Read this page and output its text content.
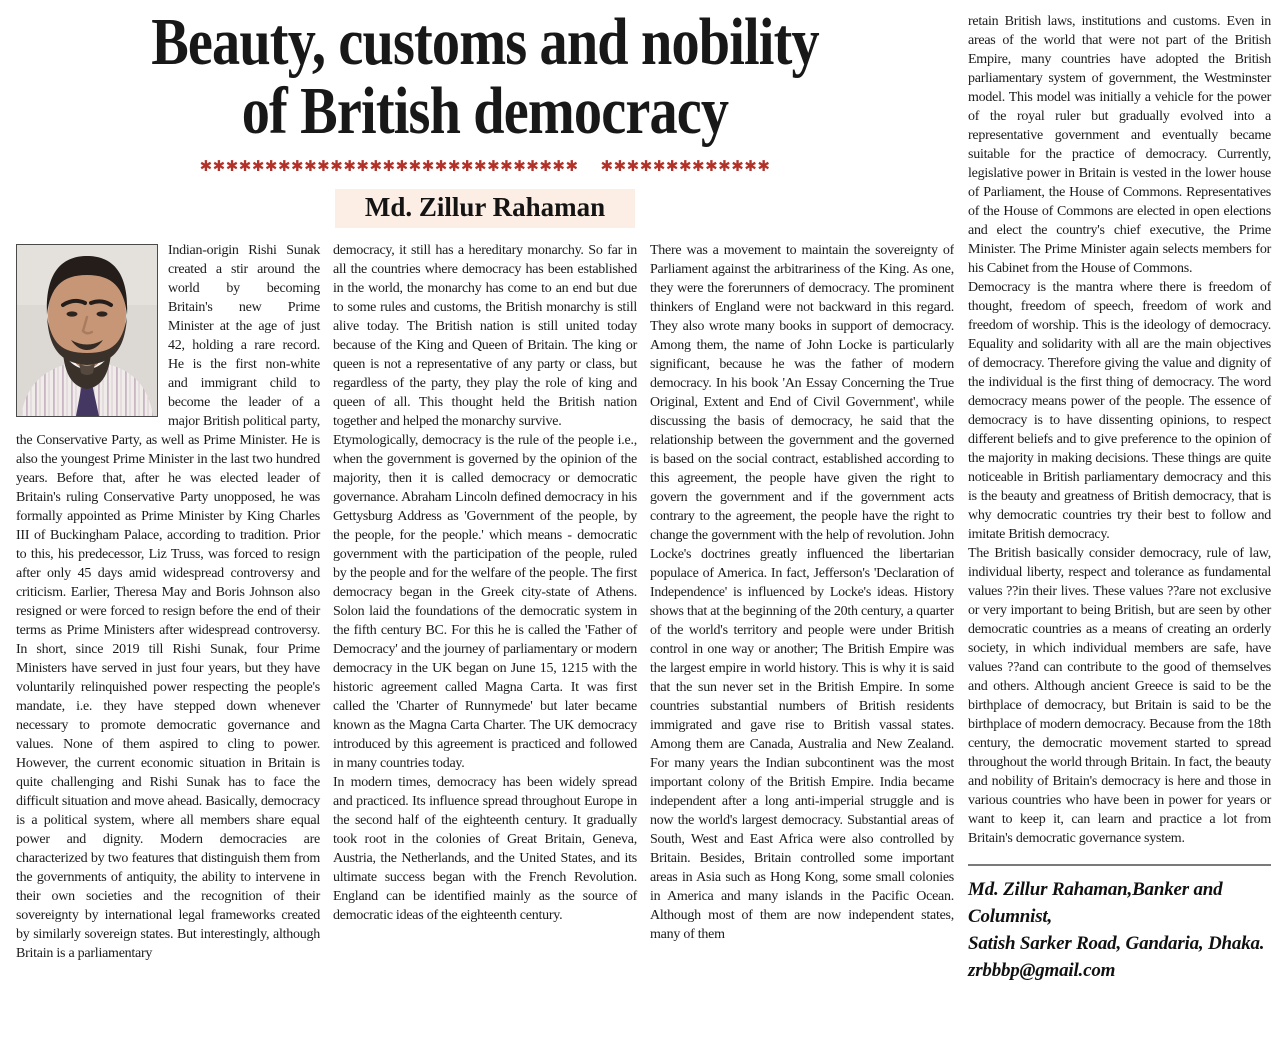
Beauty, customs and nobility
of British democracy
✱✱✱✱✱✱✱✱✱✱✱✱✱✱✱✱✱✱✱✱✱✱✱✱✱✱✱✱✱ ✱✱✱✱✱✱✱✱✱✱✱✱✱
Md. Zillur Rahaman

Indian-origin Rishi Sunak created a stir around the world by becoming Britain's new Prime Minister at the age of just 42, holding a rare record. He is the first non-white and immigrant child to become the leader of a major British political party, the Conservative Party, as well as Prime Minister. He is also the youngest Prime Minister in the last two hundred years. Before that, after he was elected leader of Britain's ruling Conservative Party unopposed, he was formally appointed as Prime Minister by King Charles III of Buckingham Palace, according to tradition. Prior to this, his predecessor, Liz Truss, was forced to resign after only 45 days amid widespread controversy and criticism. Earlier, Theresa May and Boris Johnson also resigned or were forced to resign before the end of their terms as Prime Ministers after widespread controversy. In short, since 2019 till Rishi Sunak, four Prime Ministers have served in just four years, but they have voluntarily relinquished power respecting the people's mandate, i.e. they have stepped down whenever necessary to promote democratic governance and values. None of them aspired to cling to power. However, the current economic situation in Britain is quite challenging and Rishi Sunak has to face the difficult situation and move ahead. Basically, democracy is a political system, where all members share equal power and dignity. Modern democracies are characterized by two features that distinguish them from the governments of antiquity, the ability to intervene in their own societies and the recognition of their sovereignty by international legal frameworks created by similarly sovereign states. But interestingly, although Britain is a parliamentary

democracy, it still has a hereditary monarchy. So far in all the countries where democracy has been established in the world, the monarchy has come to an end but due to some rules and customs, the British monarchy is still alive today. The British nation is still united today because of the King and Queen of Britain. The king or queen is not a representative of any party or class, but regardless of the party, they play the role of king and queen of all. This thought held the British nation together and helped the monarchy survive.

Etymologically, democracy is the rule of the people i.e., when the government is governed by the opinion of the majority, then it is called democracy or democratic governance. Abraham Lincoln defined democracy in his Gettysburg Address as 'Government of the people, by the people, for the people.' which means - democratic government with the participation of the people, ruled by the people and for the welfare of the people. The first democracy began in the Greek city-state of Athens. Solon laid the foundations of the democratic system in the fifth century BC. For this he is called the 'Father of Democracy' and the journey of parliamentary or modern democracy in the UK began on June 15, 1215 with the historic agreement called Magna Carta. It was first called the 'Charter of Runnymede' but later became known as the Magna Carta Charter. The UK democracy introduced by this agreement is practiced and followed in many countries today.

In modern times, democracy has been widely spread and practiced. Its influence spread throughout Europe in the second half of the eighteenth century. It gradually took root in the colonies of Great Britain, Geneva, Austria, the Netherlands, and the United States, and its ultimate success began with the French Revolution. England can be identified mainly as the source of democratic ideas of the eighteenth century.

There was a movement to maintain the sovereignty of Parliament against the arbitrariness of the King. As one, they were the forerunners of democracy. The prominent thinkers of England were not backward in this regard. They also wrote many books in support of democracy. Among them, the name of John Locke is particularly significant, because he was the father of modern democracy. In his book 'An Essay Concerning the True Original, Extent and End of Civil Government', while discussing the basis of democracy, he said that the relationship between the government and the governed is based on the social contract, established according to this agreement, the people have given the right to govern the government and if the government acts contrary to the agreement, the people have the right to change the government with the help of revolution. John Locke's doctrines greatly influenced the libertarian populace of America. In fact, Jefferson's 'Declaration of Independence' is influenced by Locke's ideas. History shows that at the beginning of the 20th century, a quarter of the world's territory and people were under British control in one way or another; The British Empire was the largest empire in world history. This is why it is said that the sun never set in the British Empire. In some countries substantial numbers of British residents immigrated and gave rise to British vassal states. Among them are Canada, Australia and New Zealand. For many years the Indian subcontinent was the most important colony of the British Empire. India became independent after a long anti-imperial struggle and is now the world's largest democracy. Substantial areas of South, West and East Africa were also controlled by Britain. Besides, Britain controlled some important areas in Asia such as Hong Kong, some small colonies in America and many islands in the Pacific Ocean. Although most of them are now independent states, many of them

retain British laws, institutions and customs. Even in areas of the world that were not part of the British Empire, many countries have adopted the British parliamentary system of government, the Westminster model. This model was initially a vehicle for the power of the royal ruler but gradually evolved into a representative government and eventually became suitable for the practice of democracy. Currently, legislative power in Britain is vested in the lower house of Parliament, the House of Commons. Representatives of the House of Commons are elected in open elections and elect the country's chief executive, the Prime Minister. The Prime Minister again selects members for his Cabinet from the House of Commons.

Democracy is the mantra where there is freedom of thought, freedom of speech, freedom of work and freedom of worship. This is the ideology of democracy. Equality and solidarity with all are the main objectives of democracy. Therefore giving the value and dignity of the individual is the first thing of democracy. The word democracy means power of the people. The essence of democracy is to have dissenting opinions, to respect different beliefs and to give preference to the opinion of the majority in making decisions. These things are quite noticeable in British parliamentary democracy and this is the beauty and greatness of British democracy, that is why democratic countries try their best to follow and imitate British democracy.

The British basically consider democracy, rule of law, individual liberty, respect and tolerance as fundamental values ??in their lives. These values ??are not exclusive or very important to being British, but are seen by other democratic countries as a means of creating an orderly society, in which individual members are safe, have values ??and can contribute to the good of themselves and others. Although ancient Greece is said to be the birthplace of democracy, but Britain is said to be the birthplace of modern democracy. Because from the 18th century, the democratic movement started to spread throughout the world through Britain. In fact, the beauty and nobility of Britain's democracy is here and those in various countries who have been in power for years or want to keep it, can learn and practice a lot from Britain's democratic governance system.

Md. Zillur Rahaman,Banker and Columnist,

Satish Sarker Road, Gandaria, Dhaka.

zrbbbp@gmail.com
